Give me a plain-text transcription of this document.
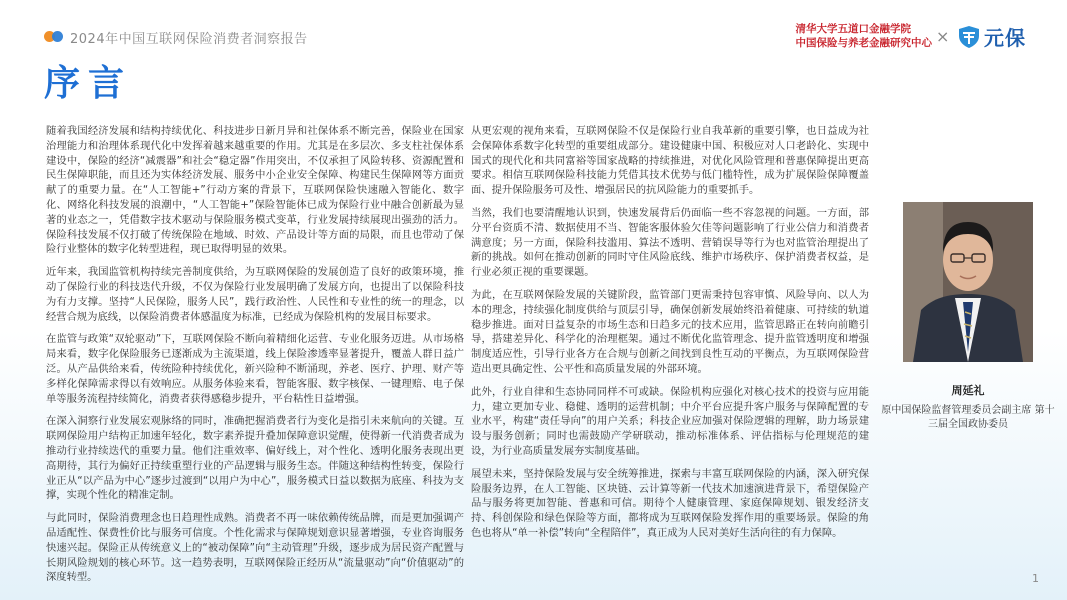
2024年中国互联网保险消费者洞察报告
清华大学五道口金融学院
中国保险与养老金融研究中心 × 元保
序言

随着我国经济发展和结构持续优化、科技进步日新月异和社保体系不断完善，保险业在国家治理能力和治理体系现代化中发挥着越来越重要的作用。尤其是在多层次、多支柱社保体系建设中，保险的经济“减震器”和社会“稳定器”作用突出，不仅承担了风险转移、资源配置和民生保障职能，而且还为实体经济发展、服务中小企业安全保障、构建民生保障网等方面贡献了的重要力量。在“人工智能+”行动方案的背景下，互联网保险快速融入智能化、数字化、网络化科技发展的浪潮中，“人工智能+”保险智能体已成为保险行业中融合创新最为显著的业态之一，凭借数字技术驱动与保险服务模式变革，行业发展持续展现出强劲的活力。保险科技发展不仅打破了传统保险在地域、时效、产品设计等方面的局限，而且也带动了保险行业整体的数字化转型进程，现已取得明显的效果。

近年来，我国监管机构持续完善制度供给，为互联网保险的发展创造了良好的政策环境，推动了保险行业的科技迭代升级，不仅为保险行业发展明确了发展方向，也提出了以保险科技为有力支撑。坚持“人民保险，服务人民”，践行政治性、人民性和专业性的统一的理念，以经营合规为底线，以保险消费者体感温度为标准，已经成为保险机构的发展目标要求。

在监管与政策“双轮驱动”下，互联网保险不断向着精细化运营、专业化服务迈进。从市场格局来看，数字化保险服务已逐渐成为主流渠道，线上保险渗透率显著提升，覆盖人群日益广泛。从产品供给来看，传统险种持续优化，新兴险种不断涌现，养老、医疗、护理、财产等多样化保障需求得以有效响应。从服务体验来看，智能客服、数字核保、一键理赔、电子保单等服务流程持续简化，消费者获得感稳步提升，平台粘性日益增强。

在深入洞察行业发展宏观脉络的同时，准确把握消费者行为变化是指引未来航向的关键。互联网保险用户结构正加速年轻化，数字素养提升叠加保障意识觉醒，使得新一代消费者成为推动行业持续迭代的重要力量。他们注重效率、偏好线上，对个性化、透明化服务表现出更高期待，其行为偏好正持续重塑行业的产品逻辑与服务生态。伴随这种结构性转变，保险行业正从“以产品为中心”逐步过渡到“以用户为中心”，服务模式日益以数据为底座、科技为支撑，实现个性化的精准定制。

与此同时，保险消费理念也日趋理性成熟。消费者不再一味依赖传统品牌，而是更加强调产品适配性、保费性价比与服务可信度。个性化需求与保障规划意识显著增强，专业咨询服务快速兴起。保险正从传统意义上的“被动保障”向“主动管理”升级，逐步成为居民资产配置与长期风险规划的核心环节。这一趋势表明，互联网保险正经历从“流量驱动”向“价值驱动”的深度转型。

从更宏观的视角来看，互联网保险不仅是保险行业自我革新的重要引擎，也日益成为社会保障体系数字化转型的重要组成部分。建设健康中国、积极应对人口老龄化、实现中国式的现代化和共同富裕等国家战略的持续推进，对优化风险管理和普惠保障提出更高要求。相信互联网保险科技能力凭借其技术优势与低门槛特性，成为扩展保险保障覆盖面、提升保险服务可及性、增强居民的抗风险能力的重要抓手。

当然，我们也要清醒地认识到，快速发展背后仍面临一些不容忽视的问题。一方面，部分平台资质不清、数据使用不当、智能客服体验欠佳等问题影响了行业公信力和消费者满意度；另一方面，保险科技滥用、算法不透明、营销误导等行为也对监管治理提出了新的挑战。如何在推动创新的同时守住风险底线、维护市场秩序、保护消费者权益，是行业必须正视的重要课题。

为此，在互联网保险发展的关键阶段，监管部门更需秉持包容审慎、风险导向、以人为本的理念，持续强化制度供给与顶层引导，确保创新发展始终沿着健康、可持续的轨道稳步推进。面对日益复杂的市场生态和日趋多元的技术应用，监管思路正在转向前瞻引导，搭建差异化、科学化的治理框架。通过不断优化监管理念、提升监管透明度和增强制度适应性，引导行业各方在合规与创新之间找到良性互动的平衡点，为互联网保险营造出更具确定性、公平性和高质量发展的外部环境。

此外，行业自律和生态协同同样不可或缺。保险机构应强化对核心技术的投资与应用能力，建立更加专业、稳健、透明的运营机制；中介平台应提升客户服务与保障配置的专业水平，构建“责任导向”的用户关系；科技企业应加强对保险逻辑的理解，助力场景建设与服务创新；同时也需鼓励产学研联动，推动标准体系、评估指标与伦理规范的建设，为行业高质量发展夯实制度基础。

展望未来，坚持保险发展与安全统筹推进，探索与丰富互联网保险的内涵，深入研究保险服务边界，在人工智能、区块链、云计算等新一代技术加速演进背景下，希望保险产品与服务将更加智能、普惠和可信。期待个人健康管理、家庭保障规划、银发经济支持、科创保险和绿色保险等方面，都将成为互联网保险发挥作用的重要场景。保险的角色也将从“单一补偿”转向“全程陪伴”，真正成为人民对美好生活向往的有力保障。

周延礼
原中国保险监督管理委员会副主席 第十三届全国政协委员
1
